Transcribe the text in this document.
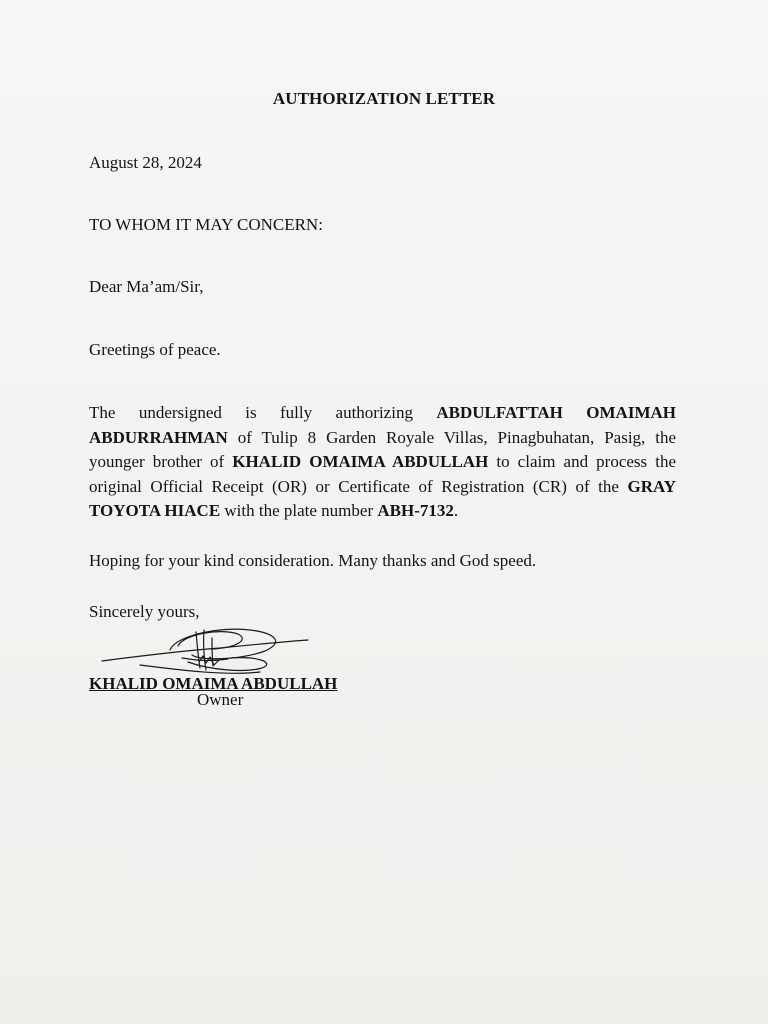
AUTHORIZATION LETTER
August 28, 2024
TO WHOM IT MAY CONCERN:
Dear Ma’am/Sir,
Greetings of peace.
The undersigned is fully authorizing ABDULFATTAH OMAIMAH ABDURRAHMAN of Tulip 8 Garden Royale Villas, Pinagbuhatan, Pasig, the younger brother of KHALID OMAIMA ABDULLAH to claim and process the original Official Receipt (OR) or Certificate of Registration (CR) of the GRAY TOYOTA HIACE with the plate number ABH-7132.
Hoping for your kind consideration. Many thanks and God speed.
Sincerely yours,
KHALID OMAIMA ABDULLAH
Owner
